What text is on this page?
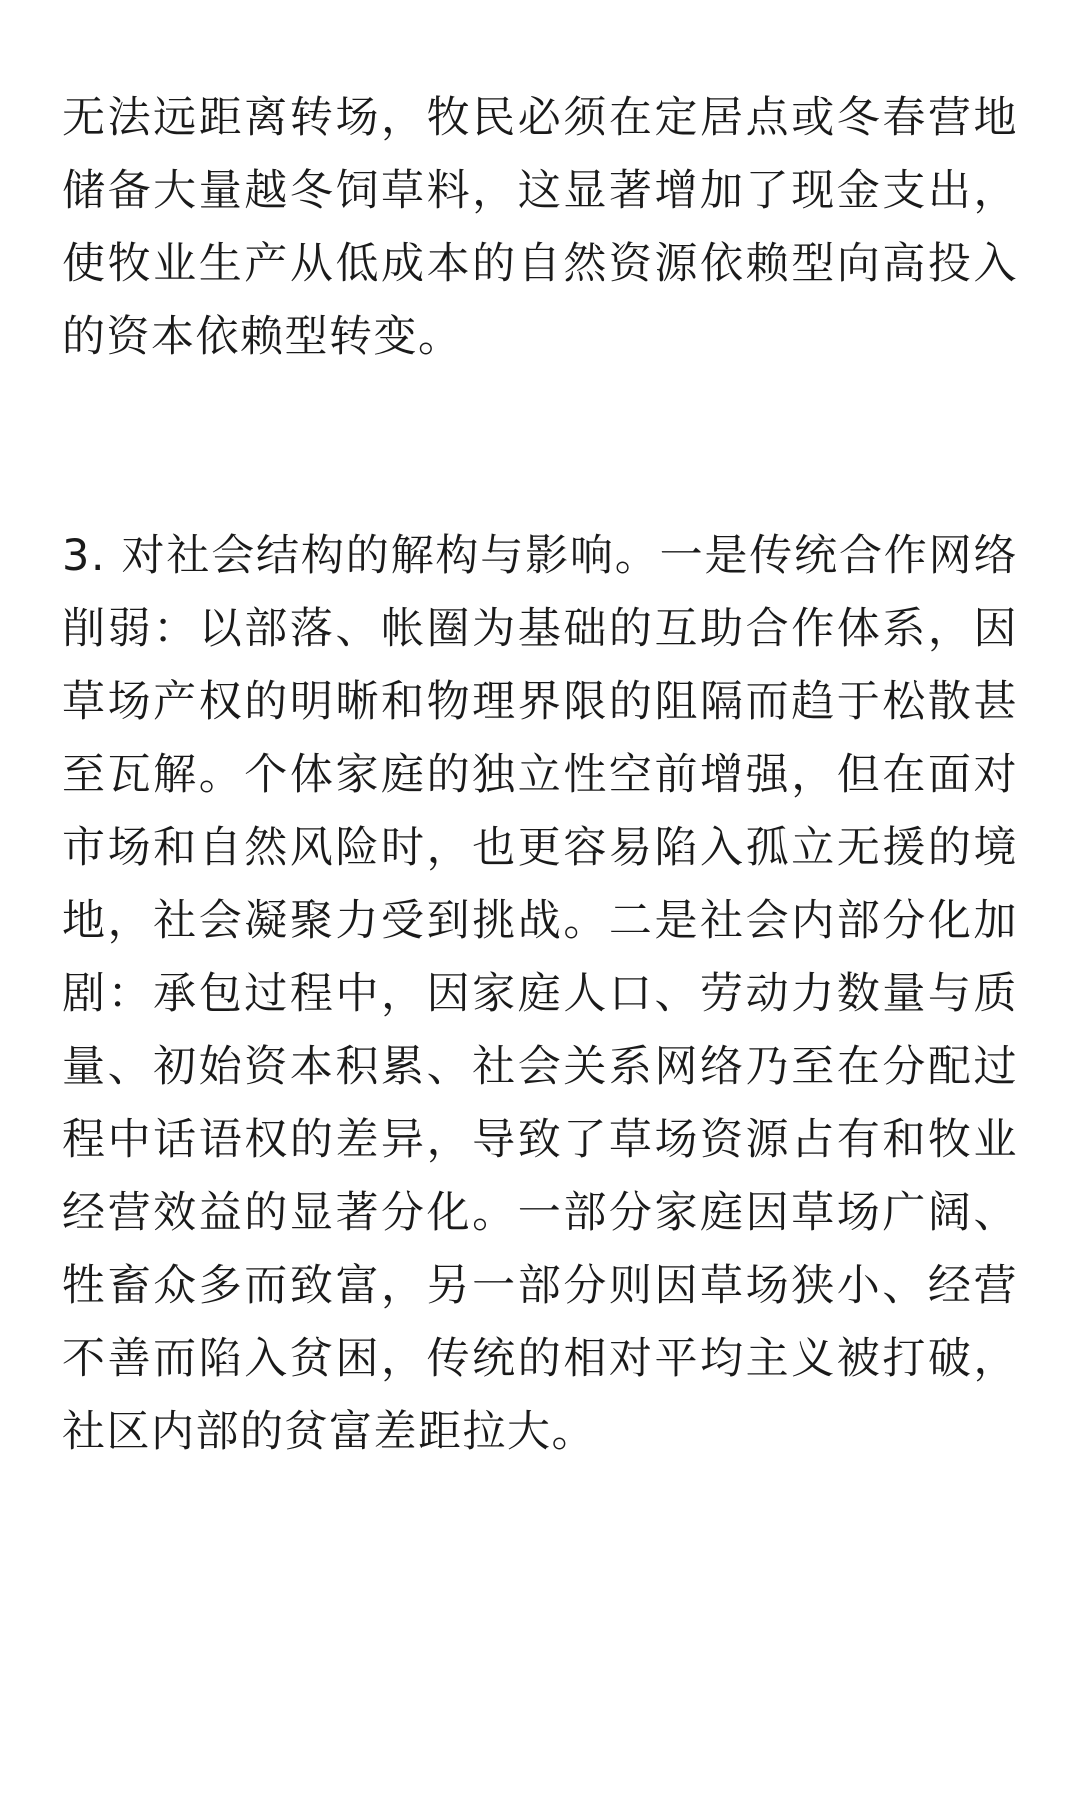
无法远距离转场，牧民必须在定居点或冬春营地储备大量越冬饲草料，这显著增加了现金支出，使牧业生产从低成本的自然资源依赖型向高投入的资本依赖型转变。

3. 对社会结构的解构与影响。一是传统合作网络削弱：以部落、帐圈为基础的互助合作体系，因草场产权的明晰和物理界限的阻隔而趋于松散甚至瓦解。个体家庭的独立性空前增强，但在面对市场和自然风险时，也更容易陷入孤立无援的境地，社会凝聚力受到挑战。二是社会内部分化加剧：承包过程中，因家庭人口、劳动力数量与质量、初始资本积累、社会关系网络乃至在分配过程中话语权的差异，导致了草场资源占有和牧业经营效益的显著分化。一部分家庭因草场广阔、牲畜众多而致富，另一部分则因草场狭小、经营不善而陷入贫困，传统的相对平均主义被打破，社区内部的贫富差距拉大。
